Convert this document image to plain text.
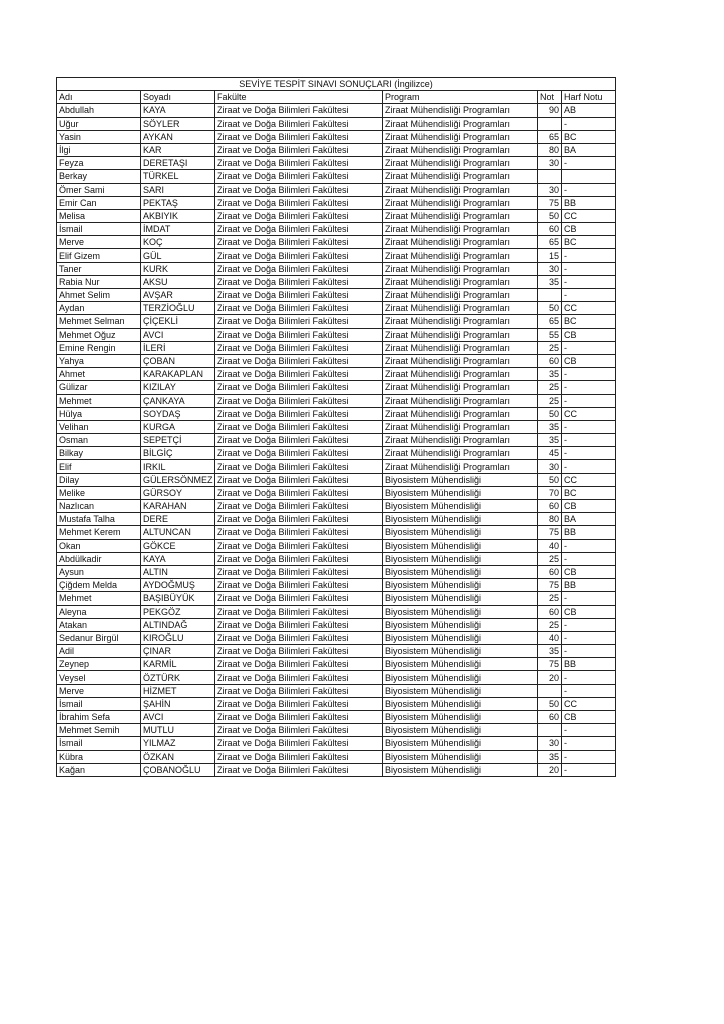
SEVİYE TESPİT SINAVI SONUÇLARI (İngilizce)					
Adı	Soyadı	Fakülte	Program	Not	Harf Notu
Abdullah	KAYA	Ziraat ve Doğa Bilimleri Fakültesi	Ziraat Mühendisliği Programları	90	AB
Uğur	SÖYLER	Ziraat ve Doğa Bilimleri Fakültesi	Ziraat Mühendisliği Programları		-
Yasin	AYKAN	Ziraat ve Doğa Bilimleri Fakültesi	Ziraat Mühendisliği Programları	65	BC
İlgi	KAR	Ziraat ve Doğa Bilimleri Fakültesi	Ziraat Mühendisliği Programları	80	BA
Feyza	DERETAŞI	Ziraat ve Doğa Bilimleri Fakültesi	Ziraat Mühendisliği Programları	30	-
Berkay	TÜRKEL	Ziraat ve Doğa Bilimleri Fakültesi	Ziraat Mühendisliği Programları		
Ömer Sami	SARI	Ziraat ve Doğa Bilimleri Fakültesi	Ziraat Mühendisliği Programları	30	-
Emir Can	PEKTAŞ	Ziraat ve Doğa Bilimleri Fakültesi	Ziraat Mühendisliği Programları	75	BB
Melisa	AKBIYIK	Ziraat ve Doğa Bilimleri Fakültesi	Ziraat Mühendisliği Programları	50	CC
İsmail	İMDAT	Ziraat ve Doğa Bilimleri Fakültesi	Ziraat Mühendisliği Programları	60	CB
Merve	KOÇ	Ziraat ve Doğa Bilimleri Fakültesi	Ziraat Mühendisliği Programları	65	BC
Elif Gizem	GÜL	Ziraat ve Doğa Bilimleri Fakültesi	Ziraat Mühendisliği Programları	15	-
Taner	KURK	Ziraat ve Doğa Bilimleri Fakültesi	Ziraat Mühendisliği Programları	30	-
Rabia Nur	AKSU	Ziraat ve Doğa Bilimleri Fakültesi	Ziraat Mühendisliği Programları	35	-
Ahmet Selim	AVŞAR	Ziraat ve Doğa Bilimleri Fakültesi	Ziraat Mühendisliği Programları		-
Aydan	TERZİOĞLU	Ziraat ve Doğa Bilimleri Fakültesi	Ziraat Mühendisliği Programları	50	CC
Mehmet Selman	ÇİÇEKLİ	Ziraat ve Doğa Bilimleri Fakültesi	Ziraat Mühendisliği Programları	65	BC
Mehmet Oğuz	AVCI	Ziraat ve Doğa Bilimleri Fakültesi	Ziraat Mühendisliği Programları	55	CB
Emine Rengin	İLERİ	Ziraat ve Doğa Bilimleri Fakültesi	Ziraat Mühendisliği Programları	25	-
Yahya	ÇOBAN	Ziraat ve Doğa Bilimleri Fakültesi	Ziraat Mühendisliği Programları	60	CB
Ahmet	KARAKAPLAN	Ziraat ve Doğa Bilimleri Fakültesi	Ziraat Mühendisliği Programları	35	-
Gülizar	KIZILAY	Ziraat ve Doğa Bilimleri Fakültesi	Ziraat Mühendisliği Programları	25	-
Mehmet	ÇANKAYA	Ziraat ve Doğa Bilimleri Fakültesi	Ziraat Mühendisliği Programları	25	-
Hülya	SOYDAŞ	Ziraat ve Doğa Bilimleri Fakültesi	Ziraat Mühendisliği Programları	50	CC
Velihan	KURGA	Ziraat ve Doğa Bilimleri Fakültesi	Ziraat Mühendisliği Programları	35	-
Osman	SEPETÇİ	Ziraat ve Doğa Bilimleri Fakültesi	Ziraat Mühendisliği Programları	35	-
Bilkay	BİLGİÇ	Ziraat ve Doğa Bilimleri Fakültesi	Ziraat Mühendisliği Programları	45	-
Elif	IRKIL	Ziraat ve Doğa Bilimleri Fakültesi	Ziraat Mühendisliği Programları	30	-
Dilay	GÜLERSÖNMEZ	Ziraat ve Doğa Bilimleri Fakültesi	Biyosistem Mühendisliği	50	CC
Melike	GÜRSOY	Ziraat ve Doğa Bilimleri Fakültesi	Biyosistem Mühendisliği	70	BC
Nazlıcan	KARAHAN	Ziraat ve Doğa Bilimleri Fakültesi	Biyosistem Mühendisliği	60	CB
Mustafa Talha	DERE	Ziraat ve Doğa Bilimleri Fakültesi	Biyosistem Mühendisliği	80	BA
Mehmet Kerem	ALTUNCAN	Ziraat ve Doğa Bilimleri Fakültesi	Biyosistem Mühendisliği	75	BB
Okan	GÖKCE	Ziraat ve Doğa Bilimleri Fakültesi	Biyosistem Mühendisliği	40	-
Abdülkadir	KAYA	Ziraat ve Doğa Bilimleri Fakültesi	Biyosistem Mühendisliği	25	-
Aysun	ALTIN	Ziraat ve Doğa Bilimleri Fakültesi	Biyosistem Mühendisliği	60	CB
Çiğdem Melda	AYDOĞMUŞ	Ziraat ve Doğa Bilimleri Fakültesi	Biyosistem Mühendisliği	75	BB
Mehmet	BAŞIBÜYÜK	Ziraat ve Doğa Bilimleri Fakültesi	Biyosistem Mühendisliği	25	-
Aleyna	PEKGÖZ	Ziraat ve Doğa Bilimleri Fakültesi	Biyosistem Mühendisliği	60	CB
Atakan	ALTINDAĞ	Ziraat ve Doğa Bilimleri Fakültesi	Biyosistem Mühendisliği	25	-
Sedanur Birgül	KIROĞLU	Ziraat ve Doğa Bilimleri Fakültesi	Biyosistem Mühendisliği	40	-
Adil	ÇINAR	Ziraat ve Doğa Bilimleri Fakültesi	Biyosistem Mühendisliği	35	-
Zeynep	KARMİL	Ziraat ve Doğa Bilimleri Fakültesi	Biyosistem Mühendisliği	75	BB
Veysel	ÖZTÜRK	Ziraat ve Doğa Bilimleri Fakültesi	Biyosistem Mühendisliği	20	-
Merve	HİZMET	Ziraat ve Doğa Bilimleri Fakültesi	Biyosistem Mühendisliği		-
İsmail	ŞAHİN	Ziraat ve Doğa Bilimleri Fakültesi	Biyosistem Mühendisliği	50	CC
İbrahim Sefa	AVCI	Ziraat ve Doğa Bilimleri Fakültesi	Biyosistem Mühendisliği	60	CB
Mehmet Semih	MUTLU	Ziraat ve Doğa Bilimleri Fakültesi	Biyosistem Mühendisliği		-
İsmail	YILMAZ	Ziraat ve Doğa Bilimleri Fakültesi	Biyosistem Mühendisliği	30	-
Kübra	ÖZKAN	Ziraat ve Doğa Bilimleri Fakültesi	Biyosistem Mühendisliği	35	-
Kağan	ÇOBANOĞLU	Ziraat ve Doğa Bilimleri Fakültesi	Biyosistem Mühendisliği	20	-
